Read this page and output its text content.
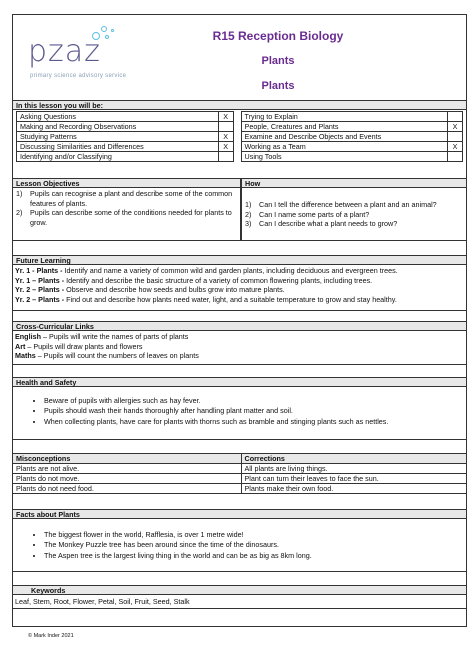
pzaz
primary science advisory service
R15 Reception Biology
Plants
Plants
In this lesson you will be:
Asking Questions	X		Trying to Explain	
Making and Recording Observations			People, Creatures and Plants	X
Studying Patterns	X		Examine and Describe Objects and Events	
Discussing Similarities and Differences	X		Working as a Team	X
Identifying and/or Classifying			Using Tools	
Lesson Objectives	How
1)	Pupils can recognise a plant and describe some of the common features of plants.
2)	Pupils can describe some of the conditions needed for plants to grow.
1)	Can I tell the difference between a plant and an animal?
2)	Can I name some parts of a plant?
3)	Can I describe what a plant needs to grow?
Future Learning
Yr. 1 - Plants - Identify and name a variety of common wild and garden plants, including deciduous and evergreen trees.
Yr. 1 – Plants - Identify and describe the basic structure of a variety of common flowering plants, including trees.
Yr. 2 – Plants - Observe and describe how seeds and bulbs grow into mature plants.
Yr. 2 – Plants - Find out and describe how plants need water, light, and a suitable temperature to grow and stay healthy.
Cross-Curricular Links
English – Pupils will write the names of parts of plants
Art – Pupils will draw plants and flowers
Maths – Pupils will count the numbers of leaves on plants
Health and Safety
• Beware of pupils with allergies such as hay fever.
• Pupils should wash their hands thoroughly after handling plant matter and soil.
• When collecting plants, have care for plants with thorns such as bramble and stinging plants such as nettles.
Misconceptions	Corrections
Plants are not alive.	All plants are living things.
Plants do not move.	Plant can turn their leaves to face the sun.
Plants do not need food.	Plants make their own food.
Facts about Plants
• The biggest flower in the world, Rafflesia, is over 1 metre wide!
• The Monkey Puzzle tree has been around since the time of the dinosaurs.
• The Aspen tree is the largest living thing in the world and can be as big as 8km long.
Keywords
Leaf, Stem, Root, Flower, Petal, Soil, Fruit, Seed, Stalk
© Mark Inder 2021
